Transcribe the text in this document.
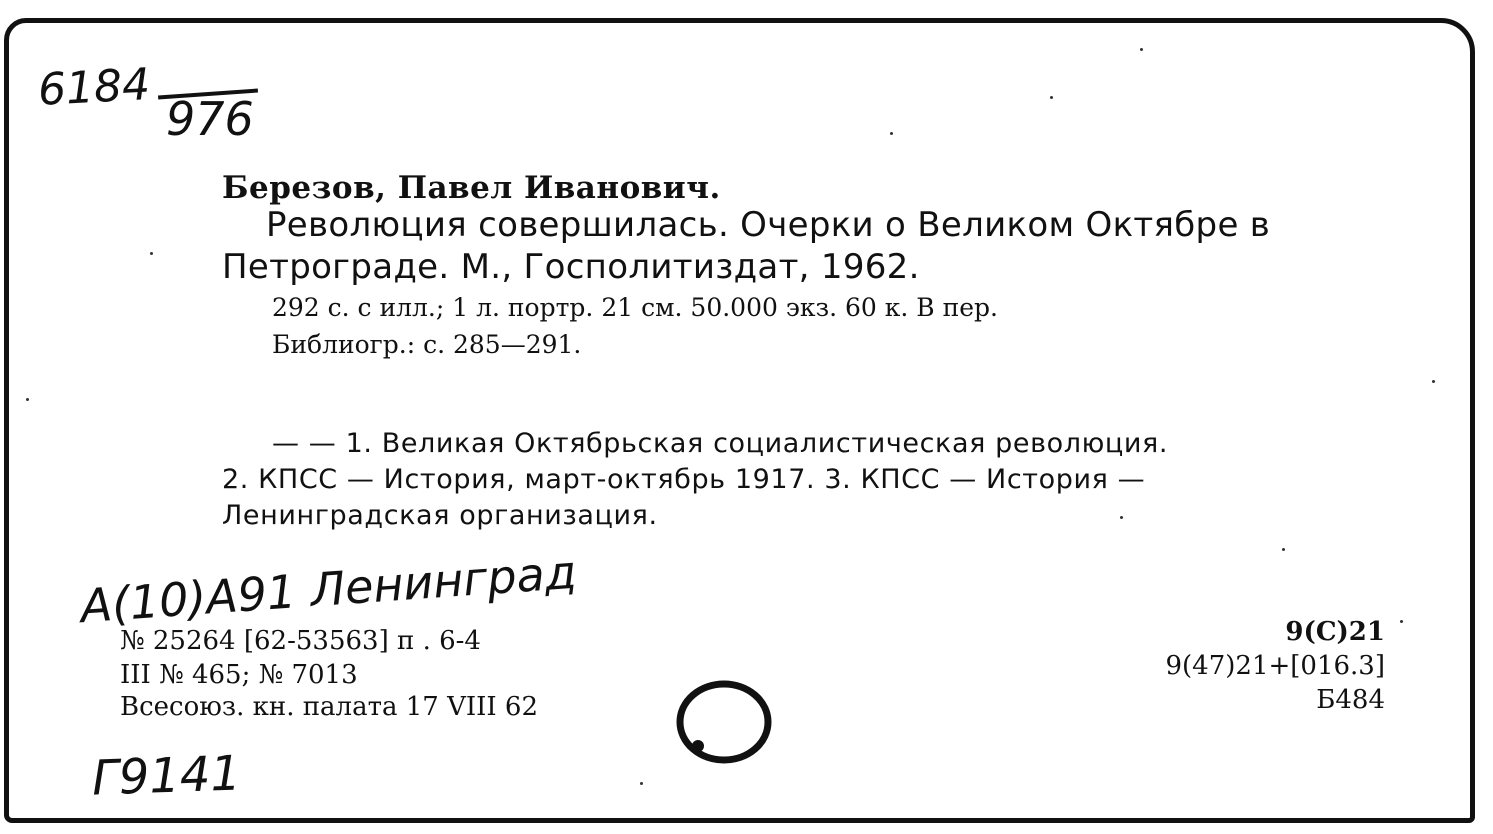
6184
976
Березов, Павел Иванович.
Революция совершилась. Очерки о Великом Октябре в
Петрограде. М., Госполитиздат, 1962.
292 с. с илл.; 1 л. портр. 21 см. 50.000 экз. 60 к. В пер.
Библиогр.: с. 285—291.
— — 1. Великая Октябрьская социалистическая революция.
2. КПСС — История, март-октябрь 1917. 3. КПСС — История —
Ленинградская организация.
A(10)A91 Ленинград
№ 25264 [62-53563] п . 6-4
III № 465; № 7013
Всесоюз. кн. палата 17 VIII 62
9(С)21
9(47)21+[016.3]
Б484
Г9141
